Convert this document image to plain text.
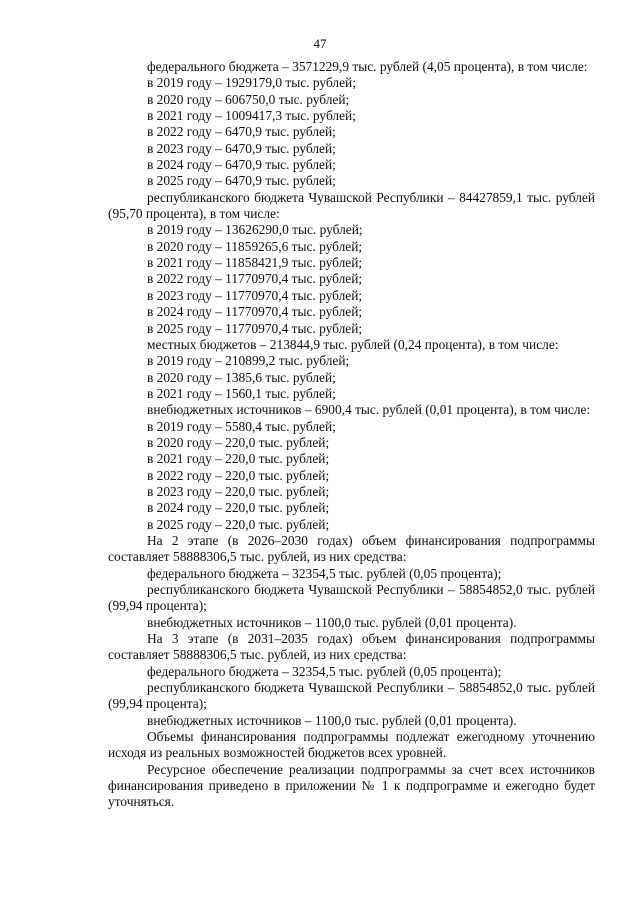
47

федерального бюджета – 3571229,9 тыс. рублей (4,05 процента), в том числе:

в 2019 году – 1929179,0 тыс. рублей;

в 2020 году – 606750,0 тыс. рублей;

в 2021 году – 1009417,3 тыс. рублей;

в 2022 году – 6470,9 тыс. рублей;

в 2023 году – 6470,9 тыс. рублей;

в 2024 году – 6470,9 тыс. рублей;

в 2025 году – 6470,9 тыс. рублей;

республиканского бюджета Чувашской Республики – 84427859,1 тыс. рублей (95,70 процента), в том числе:

в 2019 году – 13626290,0 тыс. рублей;

в 2020 году – 11859265,6 тыс. рублей;

в 2021 году – 11858421,9 тыс. рублей;

в 2022 году – 11770970,4 тыс. рублей;

в 2023 году – 11770970,4 тыс. рублей;

в 2024 году – 11770970,4 тыс. рублей;

в 2025 году – 11770970,4 тыс. рублей;

местных бюджетов – 213844,9 тыс. рублей (0,24 процента), в том числе:

в 2019 году – 210899,2 тыс. рублей;

в 2020 году – 1385,6 тыс. рублей;

в 2021 году – 1560,1 тыс. рублей;

внебюджетных источников – 6900,4 тыс. рублей (0,01 процента), в том числе:

в 2019 году – 5580,4 тыс. рублей;

в 2020 году – 220,0 тыс. рублей;

в 2021 году – 220,0 тыс. рублей;

в 2022 году – 220,0 тыс. рублей;

в 2023 году – 220,0 тыс. рублей;

в 2024 году – 220,0 тыс. рублей;

в 2025 году – 220,0 тыс. рублей;

На 2 этапе (в 2026–2030 годах) объем финансирования подпрограммы составляет 58888306,5 тыс. рублей, из них средства:

федерального бюджета – 32354,5 тыс. рублей (0,05 процента);

республиканского бюджета Чувашской Республики – 58854852,0 тыс. рублей (99,94 процента);

внебюджетных источников – 1100,0 тыс. рублей (0,01 процента).

На 3 этапе (в 2031–2035 годах) объем финансирования подпрограммы составляет 58888306,5 тыс. рублей, из них средства:

федерального бюджета – 32354,5 тыс. рублей (0,05 процента);

республиканского бюджета Чувашской Республики – 58854852,0 тыс. рублей (99,94 процента);

внебюджетных источников – 1100,0 тыс. рублей (0,01 процента).

Объемы финансирования подпрограммы подлежат ежегодному уточнению исходя из реальных возможностей бюджетов всех уровней.

Ресурсное обеспечение реализации подпрограммы за счет всех источников финансирования приведено в приложении № 1 к подпрограмме и ежегодно будет уточняться.
